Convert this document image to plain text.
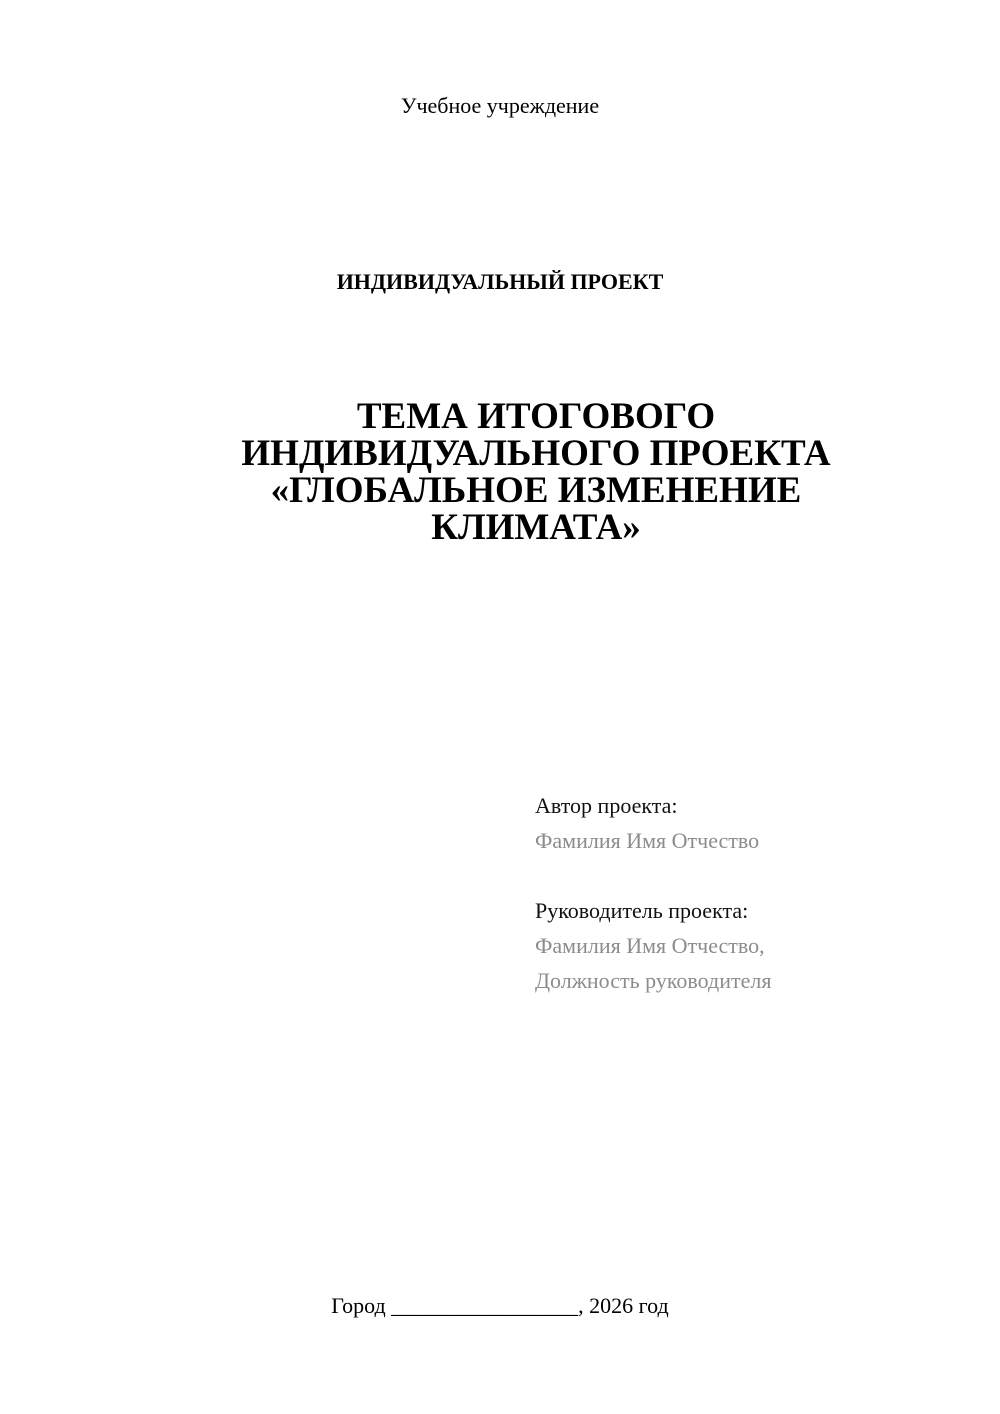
Учебное учреждение
ИНДИВИДУАЛЬНЫЙ ПРОЕКТ
ТЕМА ИТОГОВОГО
ИНДИВИДУАЛЬНОГО ПРОЕКТА
«ГЛОБАЛЬНОЕ ИЗМЕНЕНИЕ
КЛИМАТА»
Автор проекта:
Фамилия Имя Отчество
Руководитель проекта:
Фамилия Имя Отчество,
Должность руководителя
Город _________________, 2026 год
